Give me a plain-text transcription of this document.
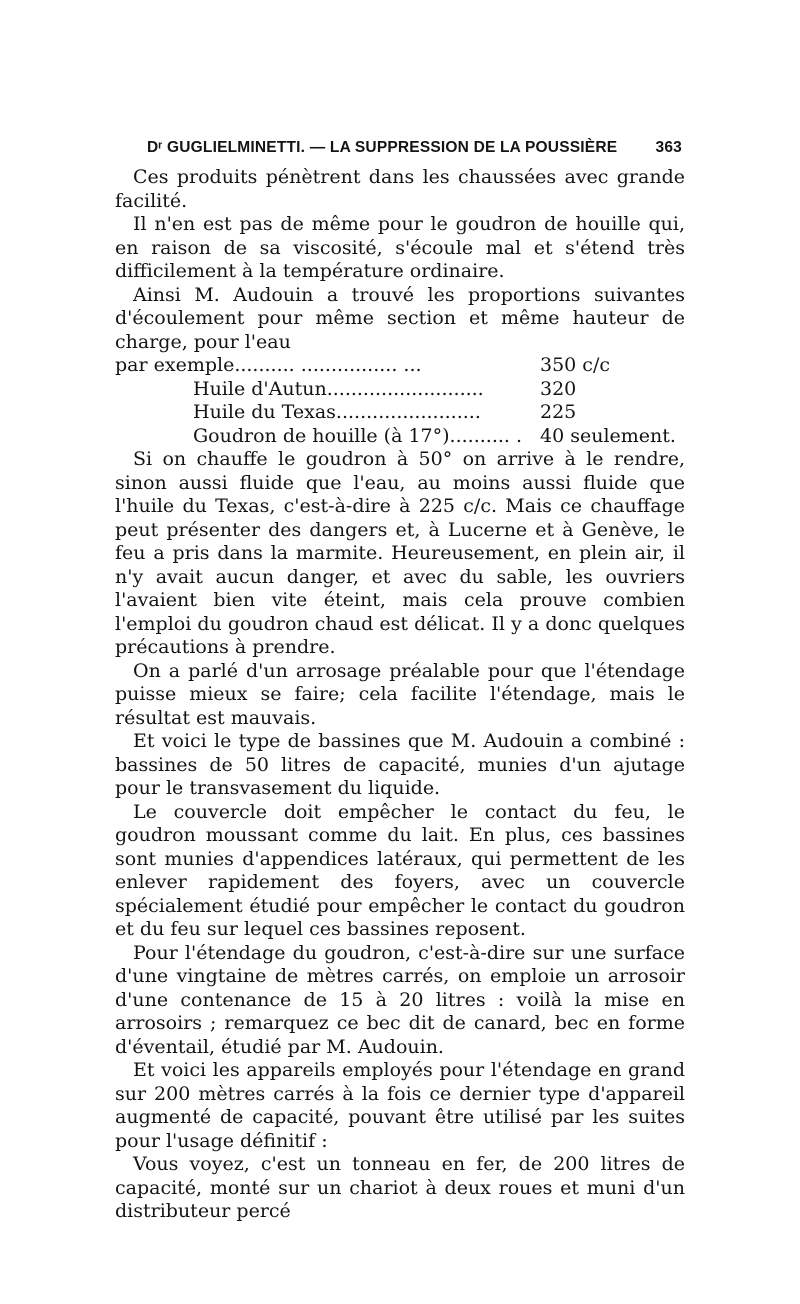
Dʳ GUGLIELMINETTI. — LA SUPPRESSION DE LA POUSSIÈRE 363

Ces produits pénètrent dans les chaussées avec grande facilité.

Il n'en est pas de même pour le goudron de houille qui, en raison de sa viscosité, s'écoule mal et s'étend très difficilement à la température ordinaire.

Ainsi M. Audouin a trouvé les proportions suivantes d'écoulement pour même section et même hauteur de charge, pour l'eau

par exemple.......... ................ ...	350 c/c
Huile d'Autun..........................	320
Huile du Texas........................	225
Goudron de houille (à 17°).......... . 40 seulement.

Si on chauffe le goudron à 50° on arrive à le rendre, sinon aussi fluide que l'eau, au moins aussi fluide que l'huile du Texas, c'est-à-dire à 225 c/c. Mais ce chauffage peut présenter des dangers et, à Lucerne et à Genève, le feu a pris dans la marmite. Heureusement, en plein air, il n'y avait aucun danger, et avec du sable, les ouvriers l'avaient bien vite éteint, mais cela prouve combien l'emploi du goudron chaud est délicat. Il y a donc quelques précautions à prendre.

On a parlé d'un arrosage préalable pour que l'étendage puisse mieux se faire; cela facilite l'étendage, mais le résultat est mauvais.

Et voici le type de bassines que M. Audouin a combiné : bassines de 50 litres de capacité, munies d'un ajutage pour le transvasement du liquide.

Le couvercle doit empêcher le contact du feu, le goudron moussant comme du lait. En plus, ces bassines sont munies d'appendices latéraux, qui permettent de les enlever rapidement des foyers, avec un couvercle spécialement étudié pour empêcher le contact du goudron et du feu sur lequel ces bassines reposent.

Pour l'étendage du goudron, c'est-à-dire sur une surface d'une vingtaine de mètres carrés, on emploie un arrosoir d'une contenance de 15 à 20 litres : voilà la mise en arrosoirs ; remarquez ce bec dit de canard, bec en forme d'éventail, étudié par M. Audouin.

Et voici les appareils employés pour l'étendage en grand sur 200 mètres carrés à la fois ce dernier type d'appareil augmenté de capacité, pouvant être utilisé par les suites pour l'usage définitif :

Vous voyez, c'est un tonneau en fer, de 200 litres de capacité, monté sur un chariot à deux roues et muni d'un distributeur percé
